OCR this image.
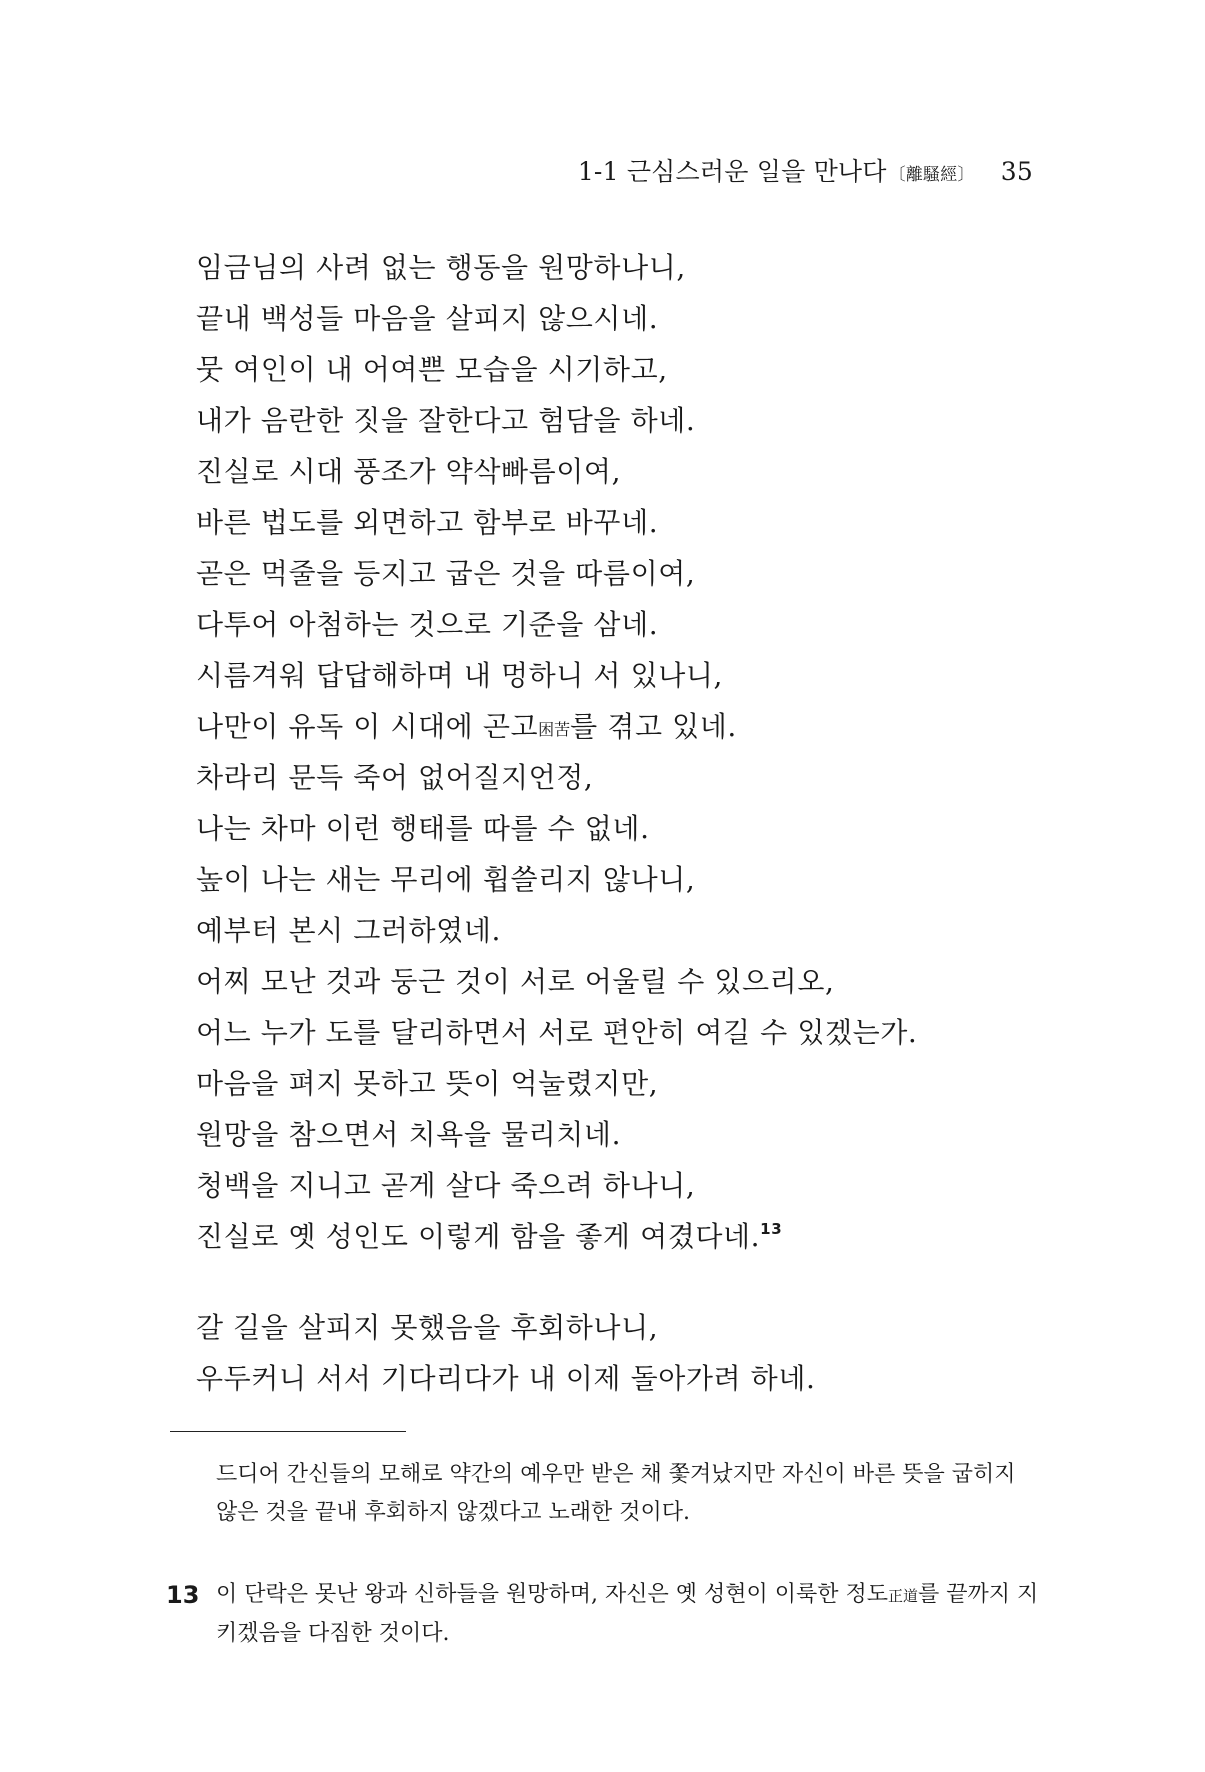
1-1 근심스러운 일을 만나다 〔離騷經〕 35
임금님의 사려 없는 행동을 원망하나니,
끝내 백성들 마음을 살피지 않으시네.
뭇 여인이 내 어여쁜 모습을 시기하고,
내가 음란한 짓을 잘한다고 험담을 하네.
진실로 시대 풍조가 약삭빠름이여,
바른 법도를 외면하고 함부로 바꾸네.
곧은 먹줄을 등지고 굽은 것을 따름이여,
다투어 아첨하는 것으로 기준을 삼네.
시름겨워 답답해하며 내 멍하니 서 있나니,
나만이 유독 이 시대에 곤고困苦를 겪고 있네.
차라리 문득 죽어 없어질지언정,
나는 차마 이런 행태를 따를 수 없네.
높이 나는 새는 무리에 휩쓸리지 않나니,
예부터 본시 그러하였네.
어찌 모난 것과 둥근 것이 서로 어울릴 수 있으리오,
어느 누가 도를 달리하면서 서로 편안히 여길 수 있겠는가.
마음을 펴지 못하고 뜻이 억눌렸지만,
원망을 참으면서 치욕을 물리치네.
청백을 지니고 곧게 살다 죽으려 하나니,
진실로 옛 성인도 이렇게 함을 좋게 여겼다네.$^{13}$
갈 길을 살피지 못했음을 후회하나니,
우두커니 서서 기다리다가 내 이제 돌아가려 하네.
드디어 간신들의 모해로 약간의 예우만 받은 채 쫓겨났지만 자신이 바른 뜻을 굽히지 않은 것을 끝내 후회하지 않겠다고 노래한 것이다.
13 이 단락은 못난 왕과 신하들을 원망하며, 자신은 옛 성현이 이룩한 정도正道를 끝까지 지키겠음을 다짐한 것이다.
